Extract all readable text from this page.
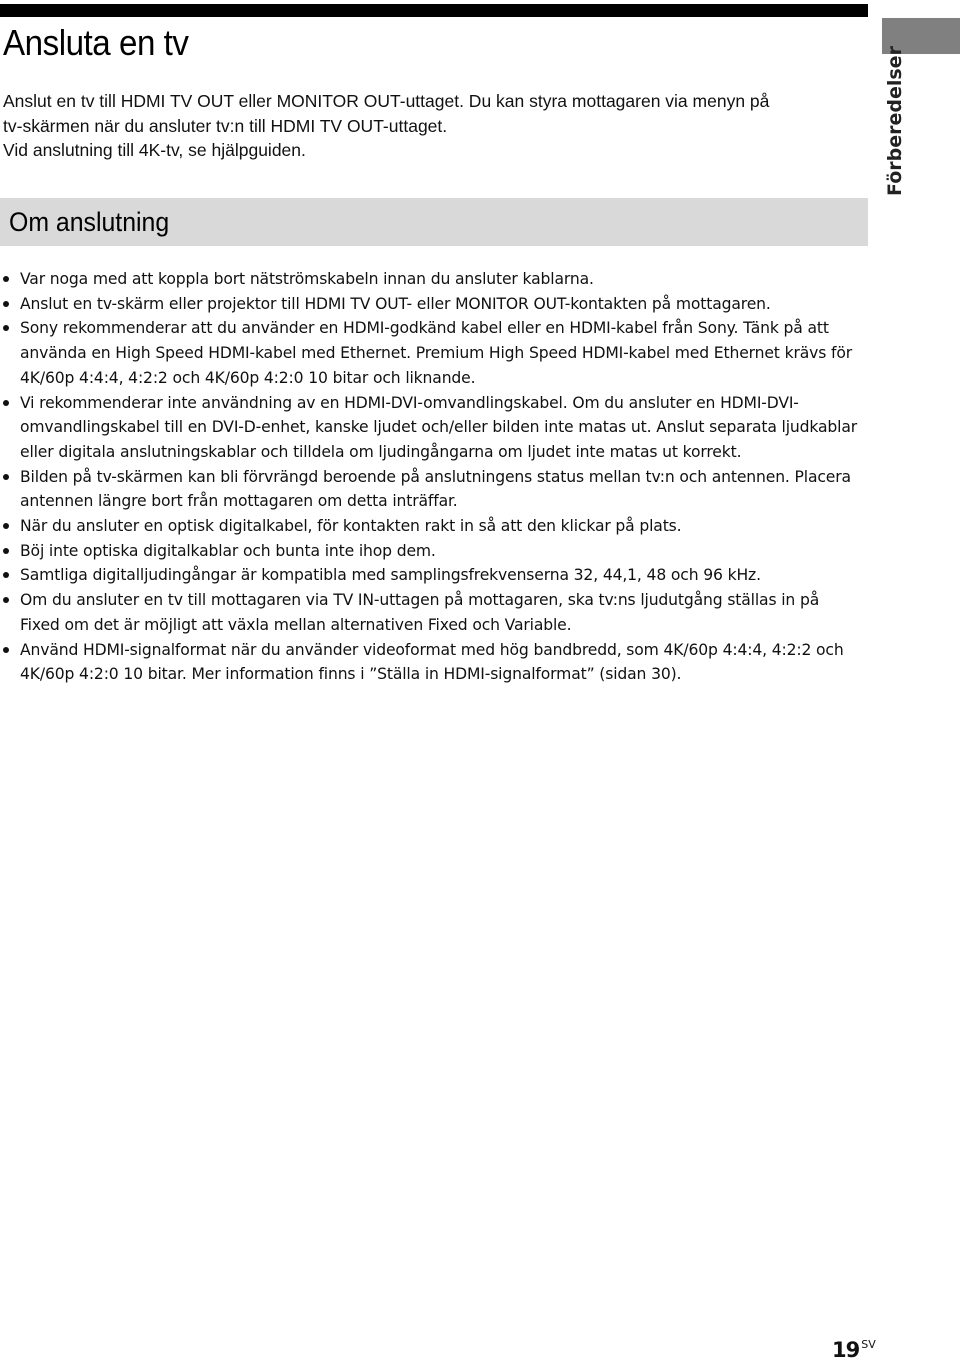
Ansluta en tv
Förberedelser

Anslut en tv till HDMI TV OUT eller MONITOR OUT-uttaget. Du kan styra mottagaren via menyn på

tv-skärmen när du ansluter tv:n till HDMI TV OUT-uttaget.

Vid anslutning till 4K-tv, se hjälpguiden.

Om anslutning
Var noga med att koppla bort nätströmskabeln innan du ansluter kablarna.
Anslut en tv-skärm eller projektor till HDMI TV OUT- eller MONITOR OUT-kontakten på mottagaren.
Sony rekommenderar att du använder en HDMI-godkänd kabel eller en HDMI-kabel från Sony. Tänk på att använda en High Speed HDMI-kabel med Ethernet. Premium High Speed HDMI-kabel med Ethernet krävs för 4K/60p 4:4:4, 4:2:2 och 4K/60p 4:2:0 10 bitar och liknande.
Vi rekommenderar inte användning av en HDMI-DVI-omvandlingskabel. Om du ansluter en HDMI-DVI-omvandlingskabel till en DVI-D-enhet, kanske ljudet och/eller bilden inte matas ut. Anslut separata ljudkablar eller digitala anslutningskablar och tilldela om ljudingångarna om ljudet inte matas ut korrekt.
Bilden på tv-skärmen kan bli förvrängd beroende på anslutningens status mellan tv:n och antennen. Placera antennen längre bort från mottagaren om detta inträffar.
När du ansluter en optisk digitalkabel, för kontakten rakt in så att den klickar på plats.
Böj inte optiska digitalkablar och bunta inte ihop dem.
Samtliga digitalljudingångar är kompatibla med samplingsfrekvenserna 32, 44,1, 48 och 96 kHz.
Om du ansluter en tv till mottagaren via TV IN-uttagen på mottagaren, ska tv:ns ljudutgång ställas in på Fixed om det är möjligt att växla mellan alternativen Fixed och Variable.
Använd HDMI-signalformat när du använder videoformat med hög bandbredd, som 4K/60p 4:4:4, 4:2:2 och 4K/60p 4:2:0 10 bitar. Mer information finns i ”Ställa in HDMI-signalformat” (sidan 30).
19 $^{SV}$
